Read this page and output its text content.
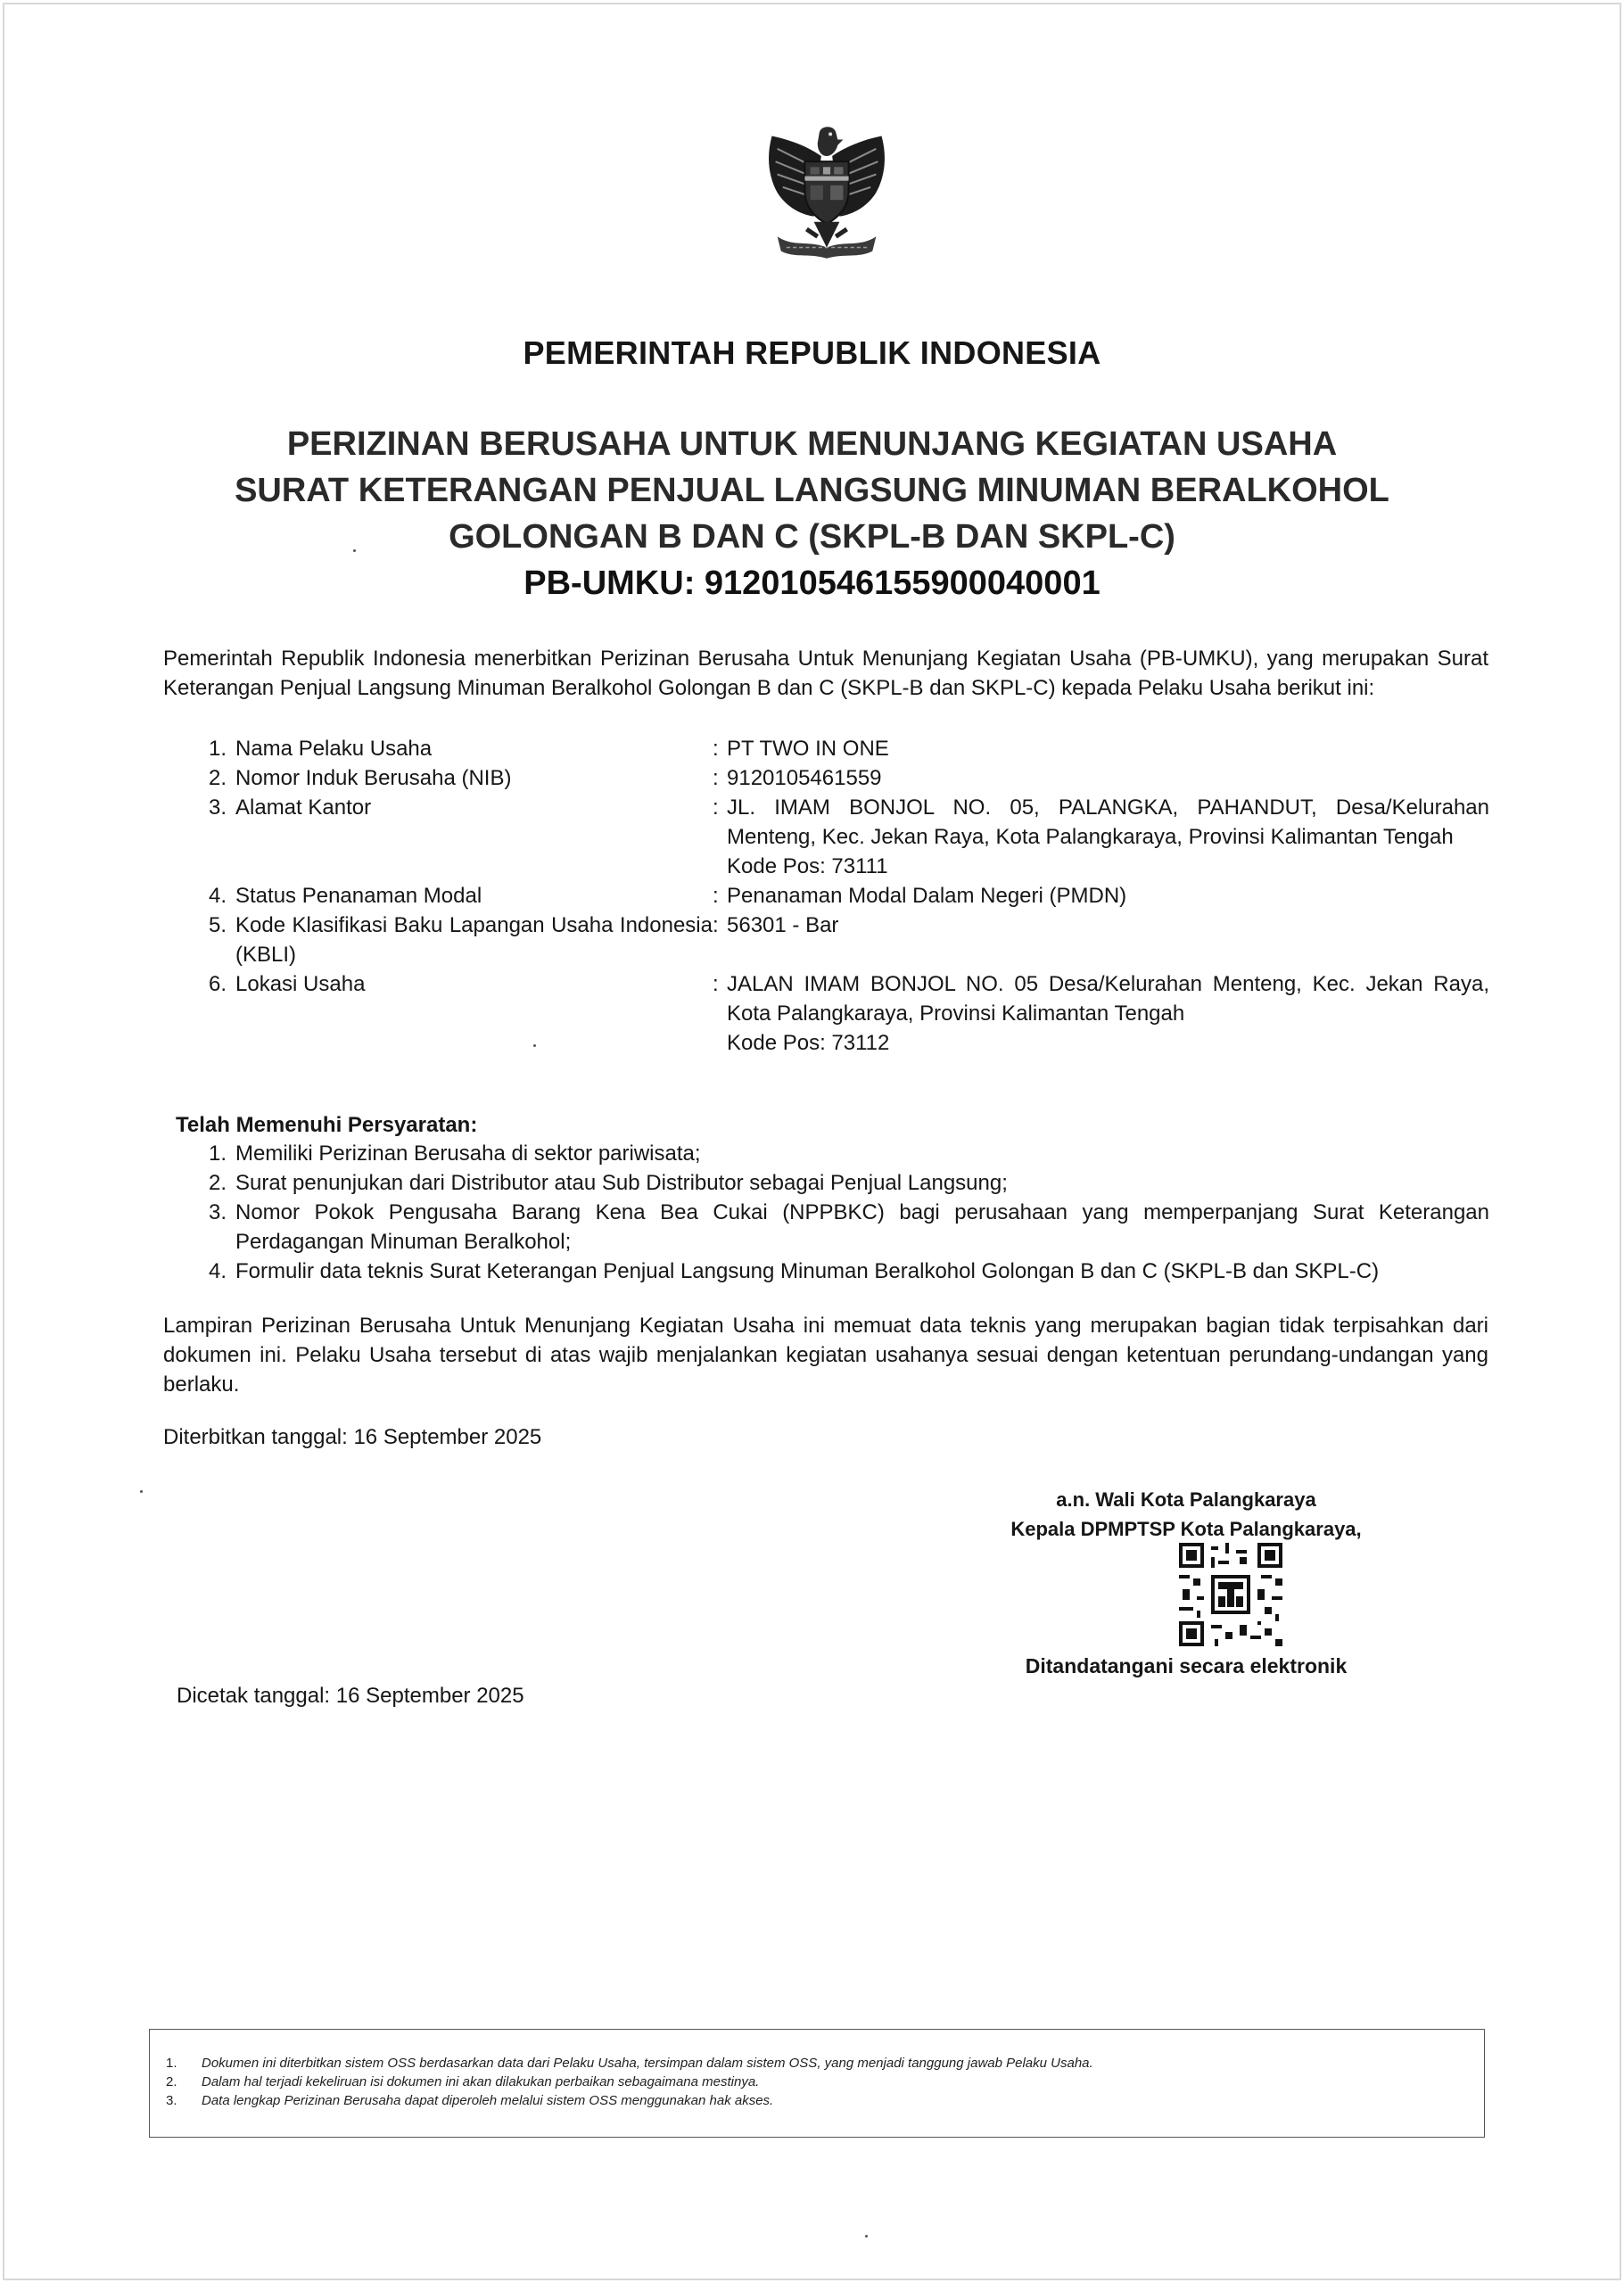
PEMERINTAH REPUBLIK INDONESIA
PERIZINAN BERUSAHA UNTUK MENUNJANG KEGIATAN USAHA
SURAT KETERANGAN PENJUAL LANGSUNG MINUMAN BERALKOHOL
GOLONGAN B DAN C (SKPL-B DAN SKPL-C)
PB-UMKU: 912010546155900040001
Pemerintah Republik Indonesia menerbitkan Perizinan Berusaha Untuk Menunjang Kegiatan Usaha (PB-UMKU), yang merupakan Surat Keterangan Penjual Langsung Minuman Beralkohol Golongan B dan C (SKPL-B dan SKPL-C) kepada Pelaku Usaha berikut ini:
1. Nama Pelaku Usaha	: PT TWO IN ONE
2. Nomor Induk Berusaha (NIB)	: 9120105461559
3. Alamat Kantor	: JL. IMAM BONJOL NO. 05, PALANGKA, PAHANDUT, Desa/Kelurahan Menteng, Kec. Jekan Raya, Kota Palangkaraya, Provinsi Kalimantan Tengah
Kode Pos: 73111
4. Status Penanaman Modal	: Penanaman Modal Dalam Negeri (PMDN)
5. Kode Klasifikasi Baku Lapangan Usaha Indonesia (KBLI)
: 56301 - Bar
6. Lokasi Usaha	: JALAN IMAM BONJOL NO. 05 Desa/Kelurahan Menteng, Kec. Jekan Raya, Kota Palangkaraya, Provinsi Kalimantan Tengah
Kode Pos: 73112
Telah Memenuhi Persyaratan:
1. Memiliki Perizinan Berusaha di sektor pariwisata;
2. Surat penunjukan dari Distributor atau Sub Distributor sebagai Penjual Langsung;
3. Nomor Pokok Pengusaha Barang Kena Bea Cukai (NPPBKC) bagi perusahaan yang memperpanjang Surat Keterangan Perdagangan Minuman Beralkohol;
4. Formulir data teknis Surat Keterangan Penjual Langsung Minuman Beralkohol Golongan B dan C (SKPL-B dan SKPL-C)
Lampiran Perizinan Berusaha Untuk Menunjang Kegiatan Usaha ini memuat data teknis yang merupakan bagian tidak terpisahkan dari dokumen ini. Pelaku Usaha tersebut di atas wajib menjalankan kegiatan usahanya sesuai dengan ketentuan perundang-undangan yang berlaku.
Diterbitkan tanggal: 16 September 2025
a.n. Wali Kota Palangkaraya
Kepala DPMPTSP Kota Palangkaraya,
Ditandatangani secara elektronik
Dicetak tanggal: 16 September 2025
1.	Dokumen ini diterbitkan sistem OSS berdasarkan data dari Pelaku Usaha, tersimpan dalam sistem OSS, yang menjadi tanggung jawab Pelaku Usaha.
2.	Dalam hal terjadi kekeliruan isi dokumen ini akan dilakukan perbaikan sebagaimana mestinya.
3.	Data lengkap Perizinan Berusaha dapat diperoleh melalui sistem OSS menggunakan hak akses.
